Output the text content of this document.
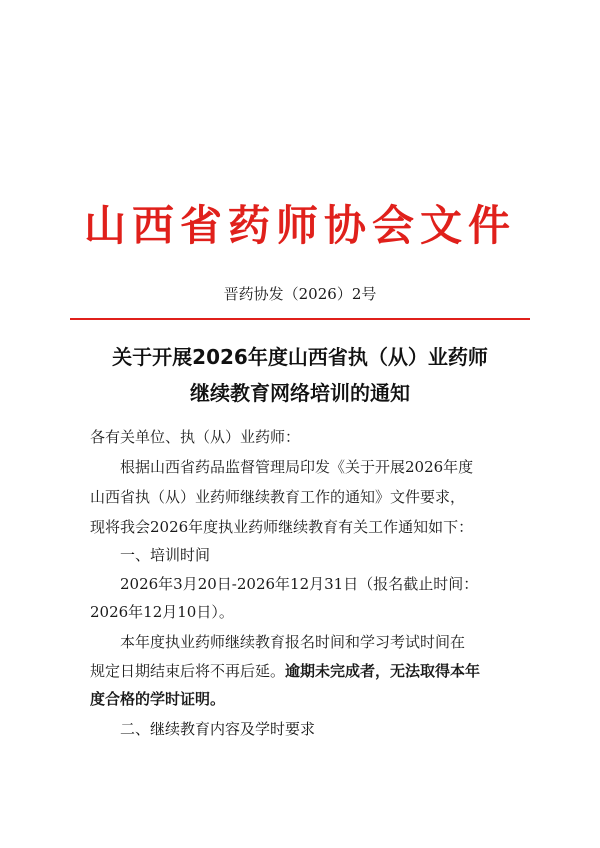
山西省药师协会文件
晋药协发（2026）2号
关于开展2026年度山西省执（从）业药师
继续教育网络培训的通知
各有关单位、执（从）业药师：
根据山西省药品监督管理局印发《关于开展2026年度
山西省执（从）业药师继续教育工作的通知》文件要求，
现将我会2026年度执业药师继续教育有关工作通知如下：
一、培训时间
2026年3月20日-2026年12月31日（报名截止时间：
2026年12月10日）。
本年度执业药师继续教育报名时间和学习考试时间在
规定日期结束后将不再后延。逾期未完成者，无法取得本年
度合格的学时证明。
二、继续教育内容及学时要求
